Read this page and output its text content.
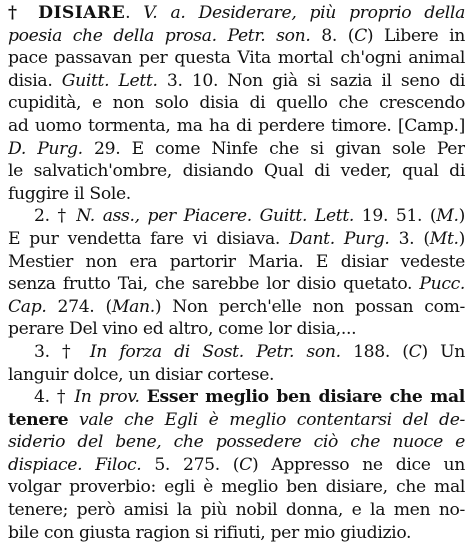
† DISIARE. V. a. Desiderare, più proprio della
poesia che della prosa. Petr. son. 8. (C) Libere in
pace passavan per questa Vita mortal ch'ogni animal
disia. Guitt. Lett. 3. 10. Non già si sazia il seno di
cupidità, e non solo disia di quello che crescendo
ad uomo tormenta, ma ha di perdere timore. [Camp.]
D. Purg. 29. E come Ninfe che si givan sole Per
le salvatich'ombre, disiando Qual di veder, qual di
fuggire il Sole.
2. † N. ass., per Piacere. Guitt. Lett. 19. 51. (M.)
E pur vendetta fare vi disiava. Dant. Purg. 3. (Mt.)
Mestier non era partorir Maria. E disiar vedeste
senza frutto Tai, che sarebbe lor disio quetato. Pucc.
Cap. 274. (Man.) Non perch'elle non possan com-
perare Del vino ed altro, come lor disia,...
3. † In forza di Sost. Petr. son. 188. (C) Un
languir dolce, un disiar cortese.
4. † In prov. Esser meglio ben disiare che mal
tenere vale che Egli è meglio contentarsi del de-
siderio del bene, che possedere ciò che nuoce e
dispiace. Filoc. 5. 275. (C) Appresso ne dice un
volgar proverbio: egli è meglio ben disiare, che mal
tenere; però amisi la più nobil donna, e la men no-
bile con giusta ragion si rifiuti, per mio giudizio.
